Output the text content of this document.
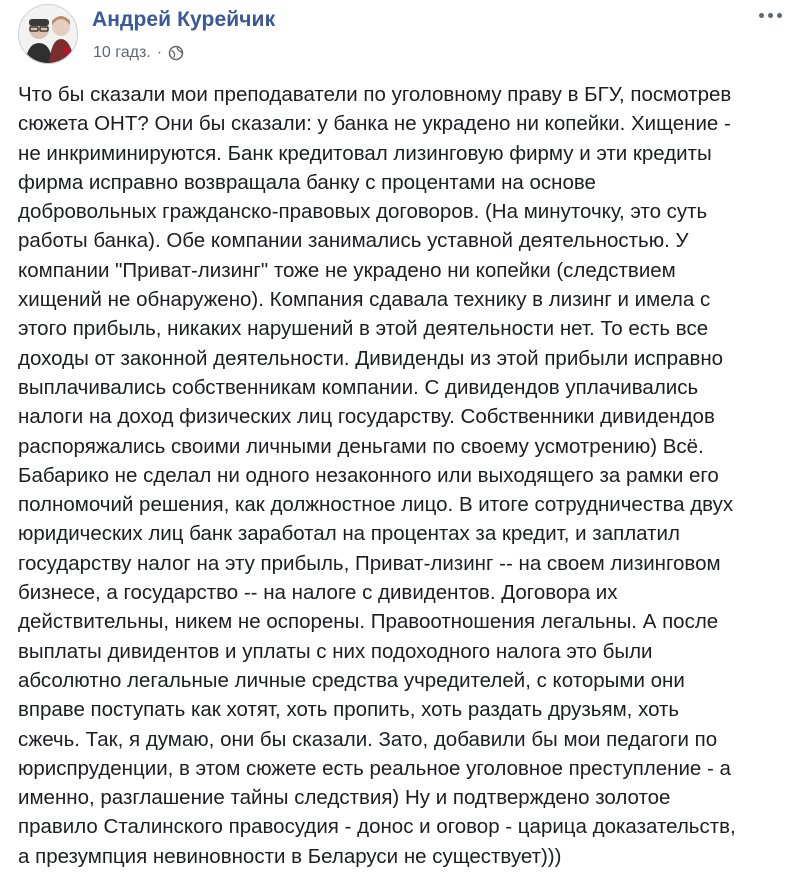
Андрей Курейчик
10 гадз. ·
Что бы сказали мои преподаватели по уголовному праву в БГУ, посмотрев
сюжета ОНТ? Они бы сказали: у банка не украдено ни копейки. Хищение -
не инкриминируются. Банк кредитовал лизинговую фирму и эти кредиты
фирма исправно возвращала банку с процентами на основе
добровольных гражданско-правовых договоров. (На минуточку, это суть
работы банка). Обе компании занимались уставной деятельностью. У
компании "Приват-лизинг" тоже не украдено ни копейки (следствием
хищений не обнаружено). Компания сдавала технику в лизинг и имела с
этого прибыль, никаких нарушений в этой деятельности нет. То есть все
доходы от законной деятельности. Дивиденды из этой прибыли исправно
выплачивались собственникам компании. С дивидендов уплачивались
налоги на доход физических лиц государству. Собственники дивидендов
распоряжались своими личными деньгами по своему усмотрению) Всё.
Бабарико не сделал ни одного незаконного или выходящего за рамки его
полномочий решения, как должностное лицо. В итоге сотрудничества двух
юридических лиц банк заработал на процентах за кредит, и заплатил
государству налог на эту прибыль, Приват-лизинг -- на своем лизинговом
бизнесе, а государство -- на налоге с дивидентов. Договора их
действительны, никем не оспорены. Правоотношения легальны. А после
выплаты дивидентов и уплаты с них подоходного налога это были
абсолютно легальные личные средства учредителей, с которыми они
вправе поступать как хотят, хоть пропить, хоть раздать друзьям, хоть
сжечь. Так, я думаю, они бы сказали. Зато, добавили бы мои педагоги по
юриспруденции, в этом сюжете есть реальное уголовное преступление - а
именно, разглашение тайны следствия) Ну и подтверждено золотое
правило Сталинского правосудия - донос и оговор - царица доказательств,
а презумпция невиновности в Беларуси не существует)))
